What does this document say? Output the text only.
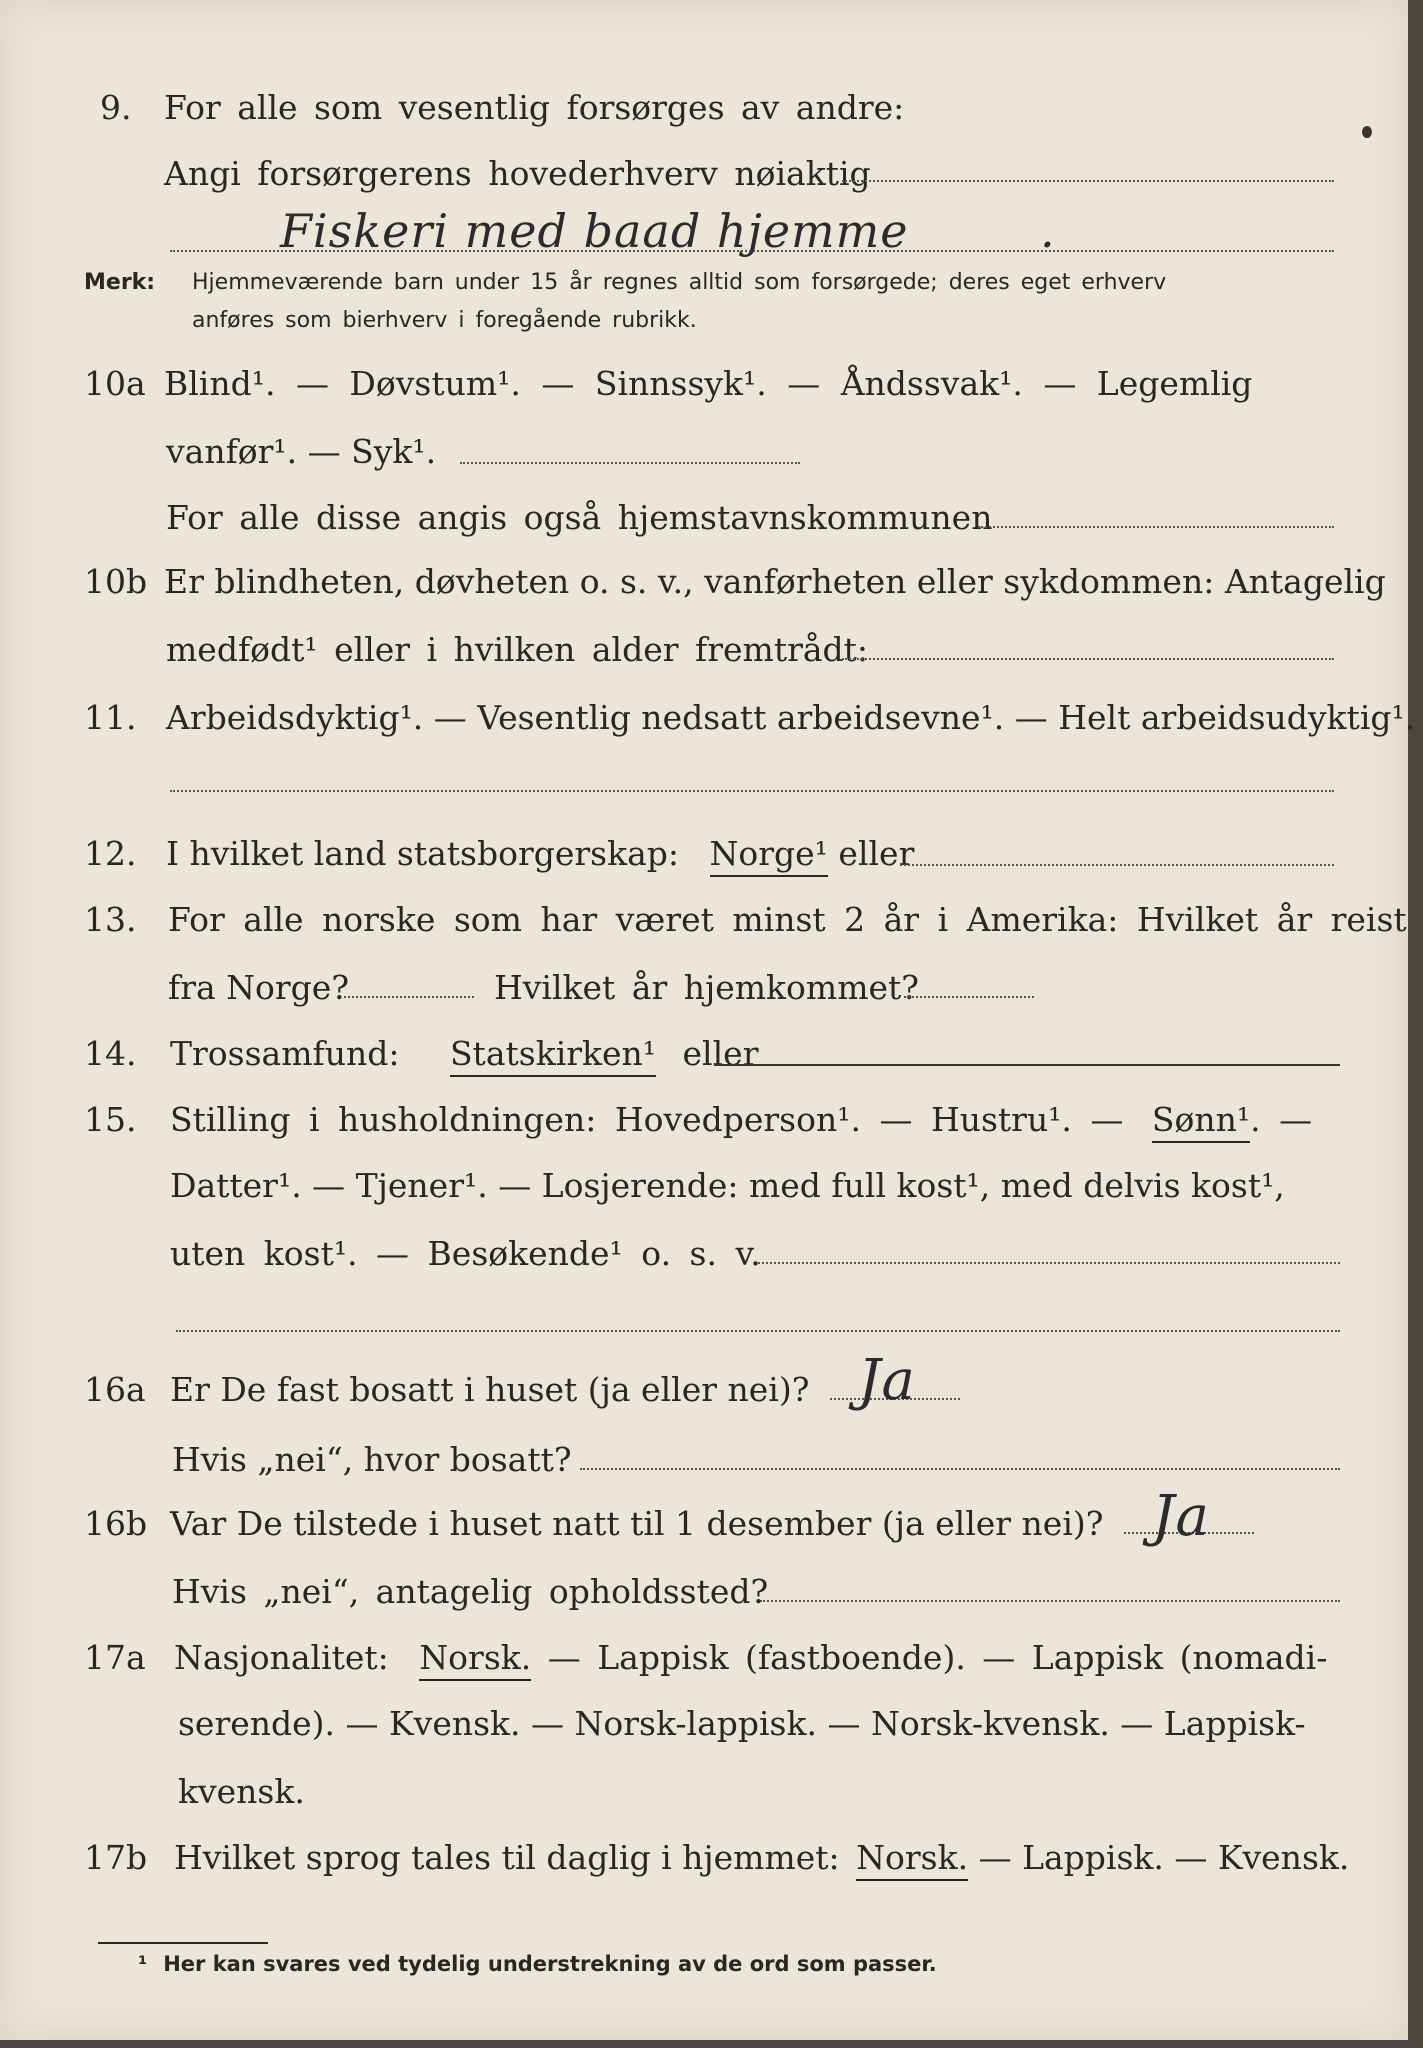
9. For alle som vesentlig forsørges av andre:
Angi forsørgerens hovederhverv nøiaktig
Fiskeri med baad hjemme	.
Merk: Hjemmeværende barn under 15 år regnes alltid som forsørgede; deres eget erhverv
anføres som bierhverv i foregående rubrikk.
10a Blind¹. — Døvstum¹. — Sinnssyk¹. — Åndssvak¹. — Legemlig
vanfør¹. — Syk¹.
For alle disse angis også hjemstavnskommunen
10b Er blindheten, døvheten o. s. v., vanførheten eller sykdommen: Antagelig
medfødt¹ eller i hvilken alder fremtrådt:
11. Arbeidsdyktig¹. — Vesentlig nedsatt arbeidsevne¹. — Helt arbeidsudyktig¹.
12. I hvilket land statsborgerskap: Norge¹ eller
13. For alle norske som har været minst 2 år i Amerika: Hvilket år reist
fra Norge?	Hvilket år hjemkommet?
14. Trossamfund: Statskirken¹ eller
15. Stilling i husholdningen: Hovedperson¹. — Hustru¹. — Sønn¹. —
Datter¹. — Tjener¹. — Losjerende: med full kost¹, med delvis kost¹,
uten kost¹. — Besøkende¹ o. s. v.
16a Er De fast bosatt i huset (ja eller nei)? Ja
Hvis „nei“, hvor bosatt?
16b Var De tilstede i huset natt til 1 desember (ja eller nei)? Ja
Hvis „nei“, antagelig opholdssted?
17a Nasjonalitet: Norsk. — Lappisk (fastboende). — Lappisk (nomadi-
serende). — Kvensk. — Norsk-lappisk. — Norsk-kvensk. — Lappisk-
kvensk.
17b Hvilket sprog tales til daglig i hjemmet: Norsk. — Lappisk. — Kvensk.
¹ Her kan svares ved tydelig understrekning av de ord som passer.
